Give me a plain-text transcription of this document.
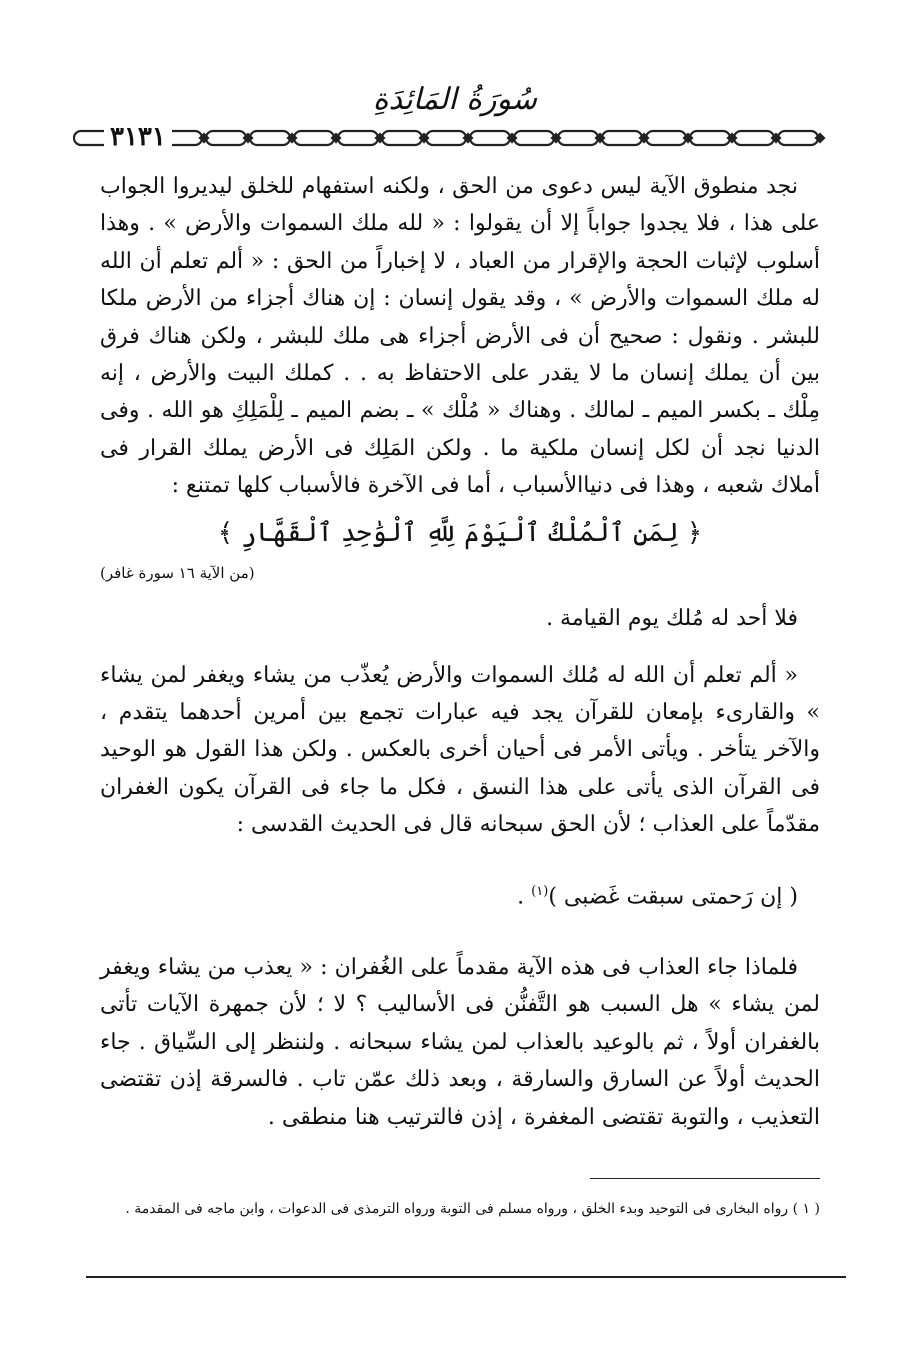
سُورَةُ المَائِدَةِ
٣١٣١

نجد منطوق الآية ليس دعوى من الحق ، ولكنه استفهام للخلق ليديروا الجواب على هذا ، فلا يجدوا جواباً إلا أن يقولوا : « لله ملك السموات والأرض » . وهذا أسلوب لإثبات الحجة والإقرار من العباد ، لا إخباراً من الحق : « ألم تعلم أن الله له ملك السموات والأرض » ، وقد يقول إنسان : إن هناك أجزاء من الأرض ملكا للبشر . ونقول : صحيح أن فى الأرض أجزاء هى ملك للبشر ، ولكن هناك فرق بين أن يملك إنسان ما لا يقدر على الاحتفاظ به . . كملك البيت والأرض ، إنه مِلْك ـ بكسر الميم ـ لمالك . وهناك « مُلْك » ـ بضم الميم ـ لِلْمَلِكِ هو الله . وفى الدنيا نجد أن لكل إنسان ملكية ما . ولكن المَلِك فى الأرض يملك القرار فى أملاك شعبه ، وهذا فى دنياالأسباب ، أما فى الآخرة فالأسباب كلها تمتنع :

﴿ لِمَنِ ٱلْمُلْكُ ٱلْيَوْمَ لِلَّهِ ٱلْوَٰحِدِ ٱلْقَهَّارِ ﴾

(من الآية ١٦ سورة غافر)

فلا أحد له مُلك يوم القيامة .

« ألم تعلم أن الله له مُلك السموات والأرض يُعذّب من يشاء ويغفر لمن يشاء » والقارىء بإمعان للقرآن يجد فيه عبارات تجمع بين أمرين أحدهما يتقدم ، والآخر يتأخر . ويأتى الأمر فى أحيان أخرى بالعكس . ولكن هذا القول هو الوحيد فى القرآن الذى يأتى على هذا النسق ، فكل ما جاء فى القرآن يكون الغفران مقدّماً على العذاب ؛ لأن الحق سبحانه قال فى الحديث القدسى :

( إن رَحمتى سبقت غَضبى )$^{(١)}$ .

فلماذا جاء العذاب فى هذه الآية مقدماً على الغُفران : « يعذب من يشاء ويغفر لمن يشاء » هل السبب هو التَّفنُّن فى الأساليب ؟ لا ؛ لأن جمهرة الآيات تأتى بالغفران أولاً ، ثم بالوعيد بالعذاب لمن يشاء سبحانه . ولننظر إلى السِّياق . جاء الحديث أولاً عن السارق والسارقة ، وبعد ذلك عمّن تاب . فالسرقة إذن تقتضى التعذيب ، والتوبة تقتضى المغفرة ، إذن فالترتيب هنا منطقى .

( ١ ) رواه البخارى فى التوحيد وبدء الخلق ، ورواه مسلم فى التوبة ورواه الترمذى فى الدعوات ، وابن ماجه فى المقدمة .
